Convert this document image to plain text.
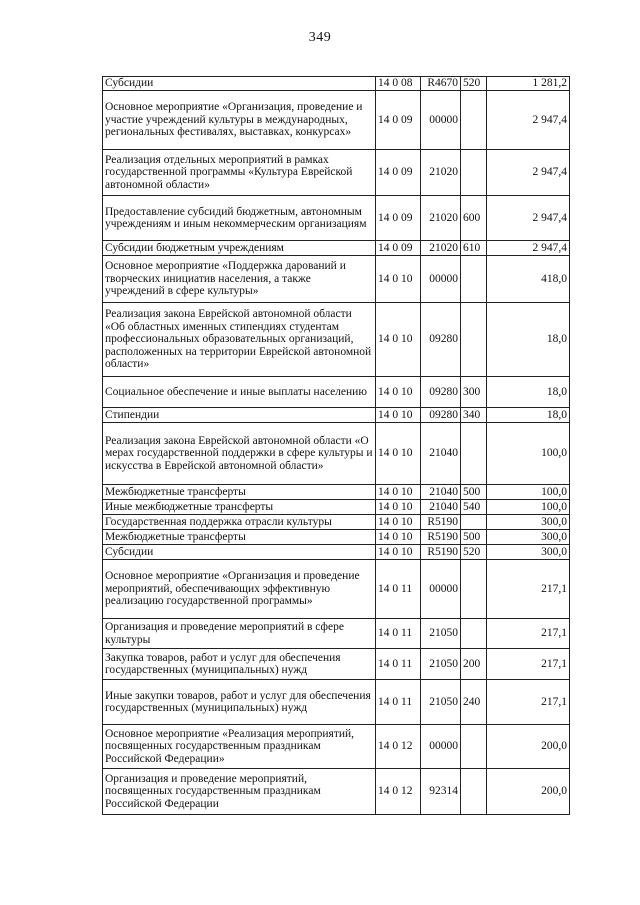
349
Субсидии	14 0 08	R4670	520	1 281,2
Основное мероприятие «Организация, проведение и участие учреждений культуры в международных, региональных фестивалях, выставках, конкурсах»	14 0 09	00000		2 947,4
Реализация отдельных мероприятий в рамках государственной программы «Культура Еврейской автономной области»	14 0 09	21020		2 947,4
Предоставление субсидий бюджетным, автономным учреждениям и иным некоммерческим организациям	14 0 09	21020	600	2 947,4
Субсидии бюджетным учреждениям	14 0 09	21020	610	2 947,4
Основное мероприятие «Поддержка дарований и творческих инициатив населения, а также учреждений в сфере культуры»	14 0 10	00000		418,0
Реализация закона Еврейской автономной области «Об областных именных стипендиях студентам профессиональных образовательных организаций, расположенных на территории Еврейской автономной области»	14 0 10	09280		18,0
Социальное обеспечение и иные выплаты населению	14 0 10	09280	300	18,0
Стипендии	14 0 10	09280	340	18,0
Реализация закона Еврейской автономной области «О мерах государственной поддержки в сфере культуры и искусства в Еврейской автономной области»	14 0 10	21040		100,0
Межбюджетные трансферты	14 0 10	21040	500	100,0
Иные межбюджетные трансферты	14 0 10	21040	540	100,0
Государственная поддержка отрасли культуры	14 0 10	R5190		300,0
Межбюджетные трансферты	14 0 10	R5190	500	300,0
Субсидии	14 0 10	R5190	520	300,0
Основное мероприятие «Организация и проведение мероприятий, обеспечивающих эффективную реализацию государственной программы»	14 0 11	00000		217,1
Организация и проведение мероприятий в сфере культуры	14 0 11	21050		217,1
Закупка товаров, работ и услуг для обеспечения государственных (муниципальных) нужд	14 0 11	21050	200	217,1
Иные закупки товаров, работ и услуг для обеспечения государственных (муниципальных) нужд	14 0 11	21050	240	217,1
Основное мероприятие «Реализация мероприятий, посвященных государственным праздникам Российской Федерации»	14 0 12	00000		200,0
Организация и проведение мероприятий, посвященных государственным праздникам Российской Федерации	14 0 12	92314		200,0
